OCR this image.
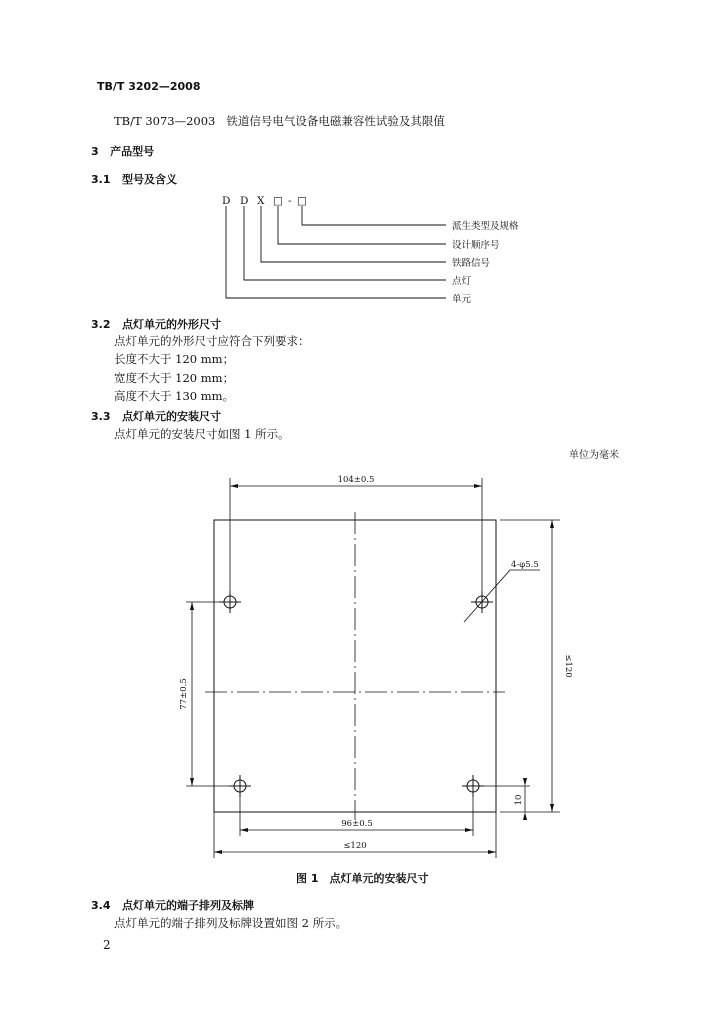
TB/T 3202—2008
TB/T 3073—2003 铁道信号电气设备电磁兼容性试验及其限值
3 产品型号
3.1 型号及含义
D D X □ - □
派生类型及规格
设计顺序号
铁路信号
点灯
单元
3.2 点灯单元的外形尺寸
点灯单元的外形尺寸应符合下列要求：
长度不大于 120 mm；
宽度不大于 120 mm；
高度不大于 130 mm。
3.3 点灯单元的安装尺寸
点灯单元的安装尺寸如图 1 所示。
单位为毫米
104±0.5
4-φ5.5
≤120
77±0.5
10
96±0.5
≤120
图 1　点灯单元的安装尺寸
3.4 点灯单元的端子排列及标牌
点灯单元的端子排列及标牌设置如图 2 所示。
2
